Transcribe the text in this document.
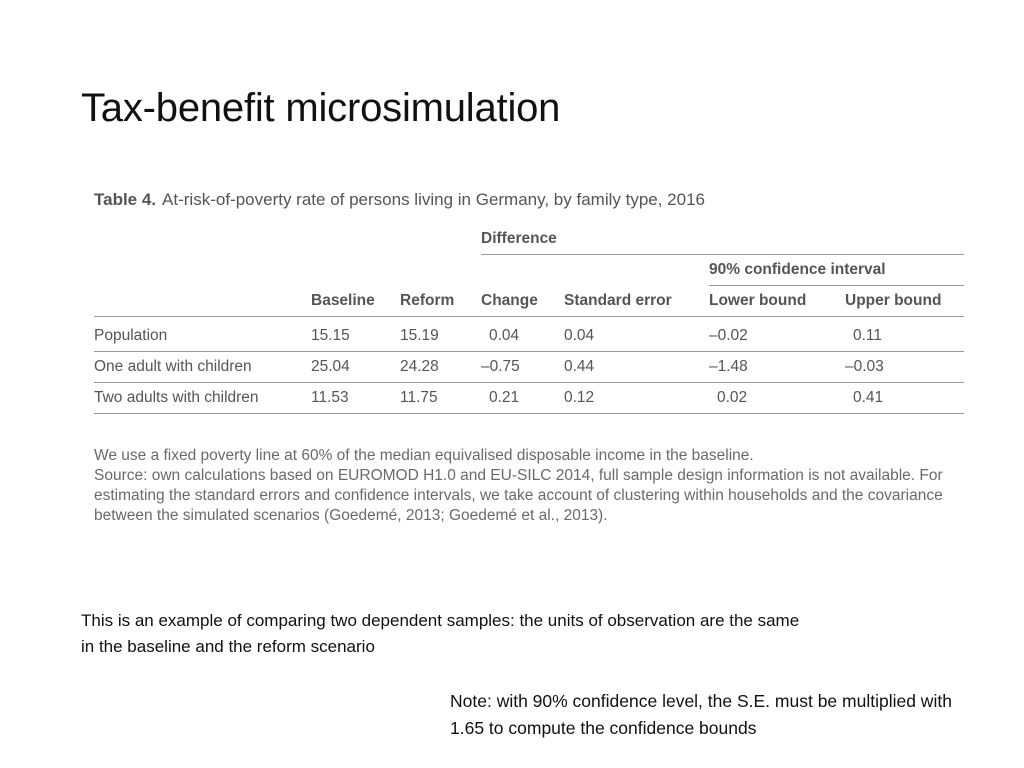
Tax-benefit microsimulation
Table 4. At-risk-of-poverty rate of persons living in Germany, by family type, 2016
			Difference			
					90% confidence interval	
	Baseline	Reform	Change	Standard error	Lower bound	Upper bound

Population	15.15	15.19	0.04	0.04	–0.02	0.11
One adult with children	25.04	24.28	–0.75	0.44	–1.48	–0.03
Two adults with children	11.53	11.75	0.21	0.12	0.02	0.41

We use a fixed poverty line at 60% of the median equivalised disposable income in the baseline.

Source: own calculations based on EUROMOD H1.0 and EU-SILC 2014, full sample design information is not available. For estimating the standard errors and confidence intervals, we take account of clustering within households and the covariance between the simulated scenarios (Goedemé, 2013; Goedemé et al., 2013).

This is an example of comparing two dependent samples: the units of observation are the same in the baseline and the reform scenario

Note: with 90% confidence level, the S.E. must be multiplied with 1.65 to compute the confidence bounds
